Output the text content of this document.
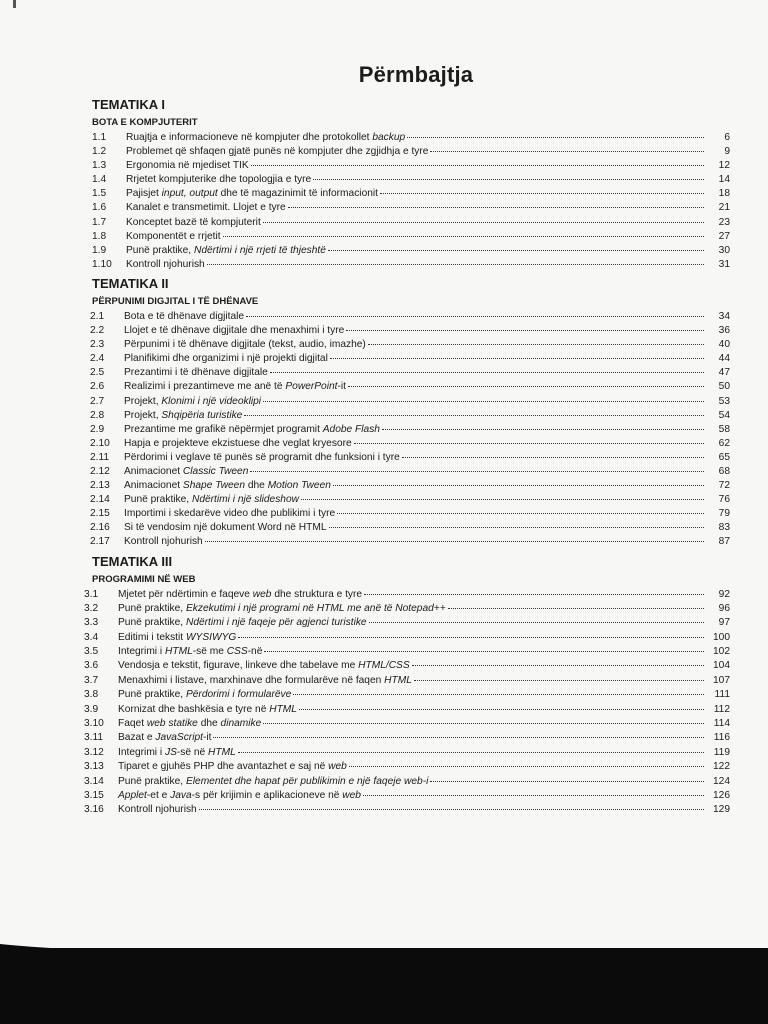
Përmbajtja
TEMATIKA I
BOTA E KOMPJUTERIT
1.1	Ruajtja e informacioneve në kompjuter dhe protokollet backup	6
1.2	Problemet që shfaqen gjatë punës në kompjuter dhe zgjidhja e tyre	9
1.3	Ergonomia në mjediset TIK	12
1.4	Rrjetet kompjuterike dhe topologjia e tyre	14
1.5	Pajisjet input, output dhe të magazinimit të informacionit	18
1.6	Kanalet e transmetimit. Llojet e tyre	21
1.7	Konceptet bazë të kompjuterit	23
1.8	Komponentët e rrjetit	27
1.9	Punë praktike, Ndërtimi i një rrjeti të thjeshtë	30
1.10	Kontroll njohurish	31
TEMATIKA II
PËRPUNIMI DIGJITAL I TË DHËNAVE
2.1	Bota e të dhënave digjitale	34
2.2	Llojet e të dhënave digjitale dhe menaxhimi i tyre	36
2.3	Përpunimi i të dhënave digjitale (tekst, audio, imazhe)	40
2.4	Planifikimi dhe organizimi i një projekti digjital	44
2.5	Prezantimi i të dhënave digjitale	47
2.6	Realizimi i prezantimeve me anë të PowerPoint-it	50
2.7	Projekt, Klonimi i një videoklipi	53
2.8	Projekt, Shqipëria turistike	54
2.9	Prezantime me grafikë nëpërmjet programit Adobe Flash	58
2.10	Hapja e projekteve ekzistuese dhe veglat kryesore	62
2.11	Përdorimi i veglave të punës së programit dhe funksioni i tyre	65
2.12	Animacionet Classic Tween	68
2.13	Animacionet Shape Tween dhe Motion Tween	72
2.14	Punë praktike, Ndërtimi i një slideshow	76
2.15	Importimi i skedarëve video dhe publikimi i tyre	79
2.16	Si të vendosim një dokument Word në HTML	83
2.17	Kontroll njohurish	87
TEMATIKA III
PROGRAMIMI NË WEB
3.1	Mjetet për ndërtimin e faqeve web dhe struktura e tyre	92
3.2	Punë praktike, Ekzekutimi i një programi në HTML me anë të Notepad++	96
3.3	Punë praktike, Ndërtimi i një faqeje për agjenci turistike	97
3.4	Editimi i tekstit WYSIWYG	100
3.5	Integrimi i HTML-së me CSS-në	102
3.6	Vendosja e tekstit, figurave, linkeve dhe tabelave me HTML/CSS	104
3.7	Menaxhimi i listave, marxhinave dhe formularëve në faqen HTML	107
3.8	Punë praktike, Përdorimi i formularëve	111
3.9	Kornizat dhe bashkësia e tyre në HTML	112
3.10	Faqet web statike dhe dinamike	114
3.11	Bazat e JavaScript-it	116
3.12	Integrimi i JS-së në HTML	119
3.13	Tiparet e gjuhës PHP dhe avantazhet e saj në web	122
3.14	Punë praktike, Elementet dhe hapat për publikimin e një faqeje web-i	124
3.15	Applet-et e Java-s për krijimin e aplikacioneve në web	126
3.16	Kontroll njohurish	129
